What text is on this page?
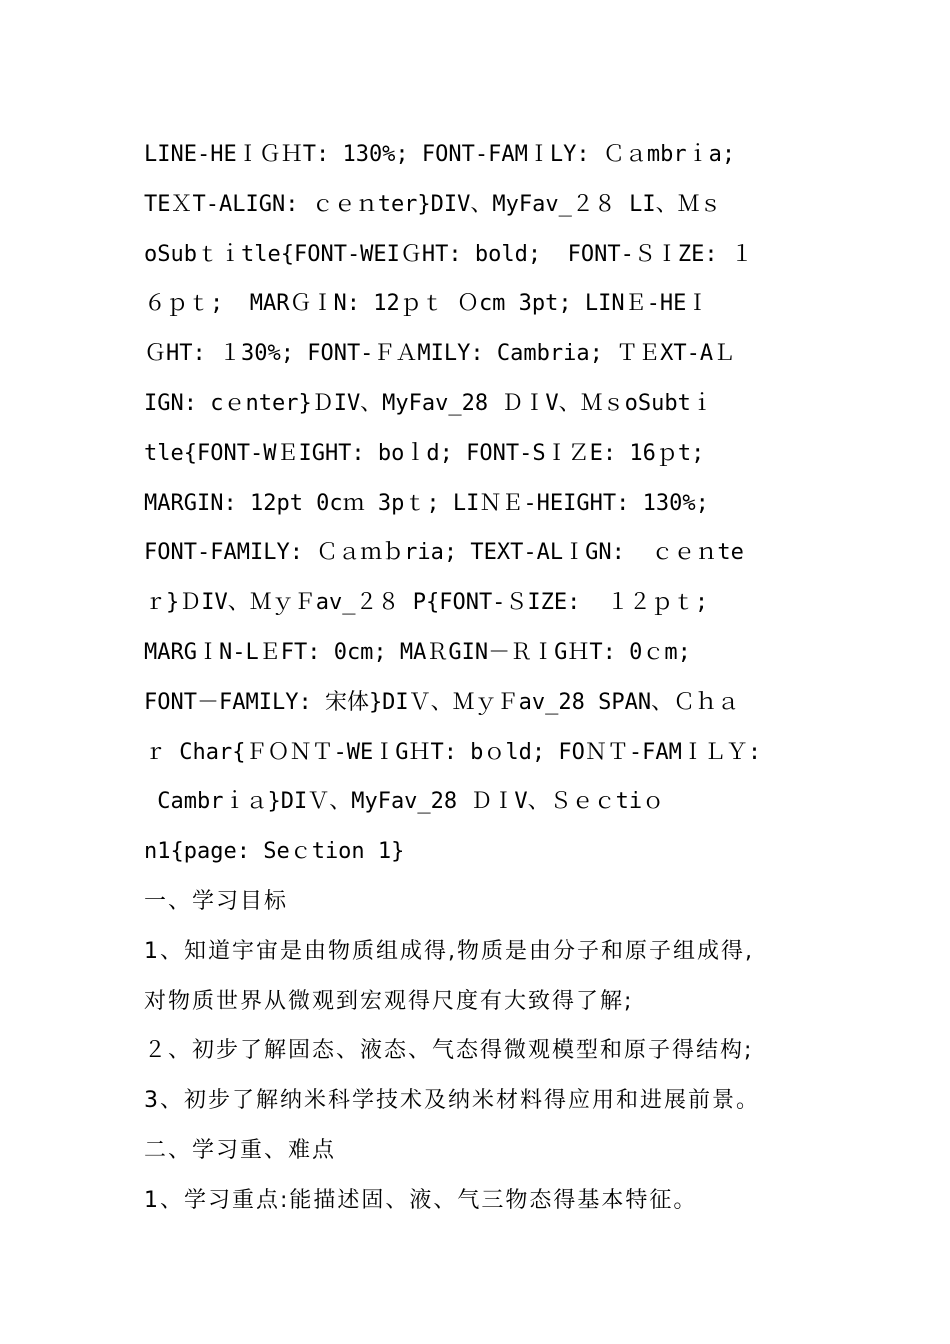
LINE-HEＩＧＨT: 130%; FONT-FAMＩLY: Ｃａmbrｉa;
TEＸT-ALIGN: ｃｅｎter}DIV、MyFav_２８ LI、Ｍｓ
oSubｔｉtle{FONT-WEIＧHT: bold;  FONT-ＳＩZE: １
６ｐｔ;  MARＧＩN: 12ｐｔ Ｏcm 3pt; LINＥ-HEＩ
ＧHT: １30%; FONT-ＦＡMILY: Cambria; ＴＥXT-AＬ
IGN: cｅnter}ＤIV、MyFav_28 ＤＩV、ＭｓoSubtｉ
tle{FONT-WＥIGHT: boｌd; FONT-SＩＺE: 16ｐt;
MARGIN: 12pt 0cｍ 3pｔ; LIＮＥ-HEIGHT: 130%;
FONT-FAMILY: Ｃａｍｂria; TEXT-ALＩGN:  ｃｅｎte
ｒ}ＤIV、ＭｙＦav_２８ P{FONT-ＳIZE:  １２ｐｔ;
MARGＩN-LＥFT: 0cm; MAＲGIN－ＲＩGＨT: 0ｃm;
FONT－FAMILY: 宋体}DIＶ、ＭｙＦav_28 SPAN、Ｃｈａ
ｒ Char{ＦＯＮＴ-WEＩGＨT: bｏld; FOＮＴ-FAMＩＬＹ:
Cambrｉａ}DIＶ、MyFav_28 ＤＩV、Ｓｅｃtiｏ
n1{page: Seｃtion 1}
一、学习目标
1、知道宇宙是由物质组成得,物质是由分子和原子组成得,
对物质世界从微观到宏观得尺度有大致得了解;
２、初步了解固态、液态、气态得微观模型和原子得结构;
3、初步了解纳米科学技术及纳米材料得应用和进展前景。
二、学习重、难点
1、学习重点:能描述固、液、气三物态得基本特征。
